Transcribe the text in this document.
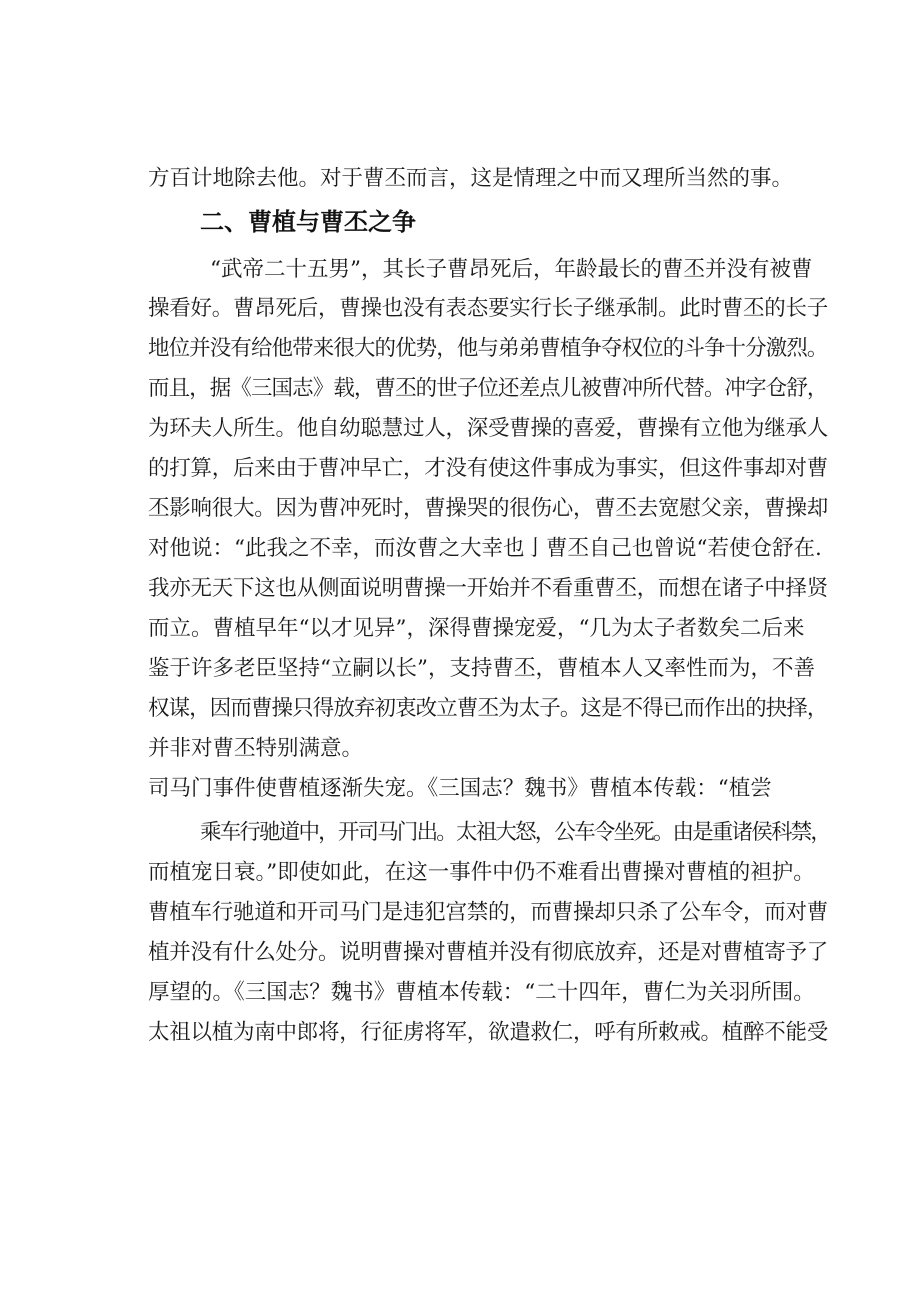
方百计地除去他。对于曹丕而言，这是情理之中而又理所当然的事。
二、曹植与曹丕之争
“武帝二十五男”，其长子曹昂死后，年龄最长的曹丕并没有被曹
操看好。曹昂死后，曹操也没有表态要实行长子继承制。此时曹丕的长子
地位并没有给他带来很大的优势，他与弟弟曹植争夺权位的斗争十分激烈。
而且，据《三国志》载，曹丕的世子位还差点儿被曹冲所代替。冲字仓舒，
为环夫人所生。他自幼聪慧过人，深受曹操的喜爱，曹操有立他为继承人
的打算，后来由于曹冲早亡，才没有使这件事成为事实，但这件事却对曹
丕影响很大。因为曹冲死时，曹操哭的很伤心，曹丕去宽慰父亲，曹操却
对他说：“此我之不幸，而汝曹之大幸也亅曹丕自己也曾说“若使仓舒在.
我亦无天下这也从侧面说明曹操一开始并不看重曹丕，而想在诸子中择贤
而立。曹植早年“以才见异”，深得曹操宠爱，“几为太子者数矣二后来
鉴于许多老臣坚持“立嗣以长”，支持曹丕，曹植本人又率性而为，不善
权谋，因而曹操只得放弃初衷改立曹丕为太子。这是不得已而作出的抉择，
并非对曹丕特别满意。
司马门事件使曹植逐渐失宠。《三国志？魏书》曹植本传载：“植尝
乘车行驰道中，开司马门出。太祖大怒，公车令坐死。由是重诸侯科禁，
而植宠日衰。”即使如此，在这一事件中仍不难看出曹操对曹植的袒护。
曹植车行驰道和开司马门是违犯宫禁的，而曹操却只杀了公车令，而对曹
植并没有什么处分。说明曹操对曹植并没有彻底放弃，还是对曹植寄予了
厚望的。《三国志？魏书》曹植本传载：“二十四年，曹仁为关羽所围。
太祖以植为南中郎将，行征虏将军，欲遣救仁，呼有所敕戒。植醉不能受
